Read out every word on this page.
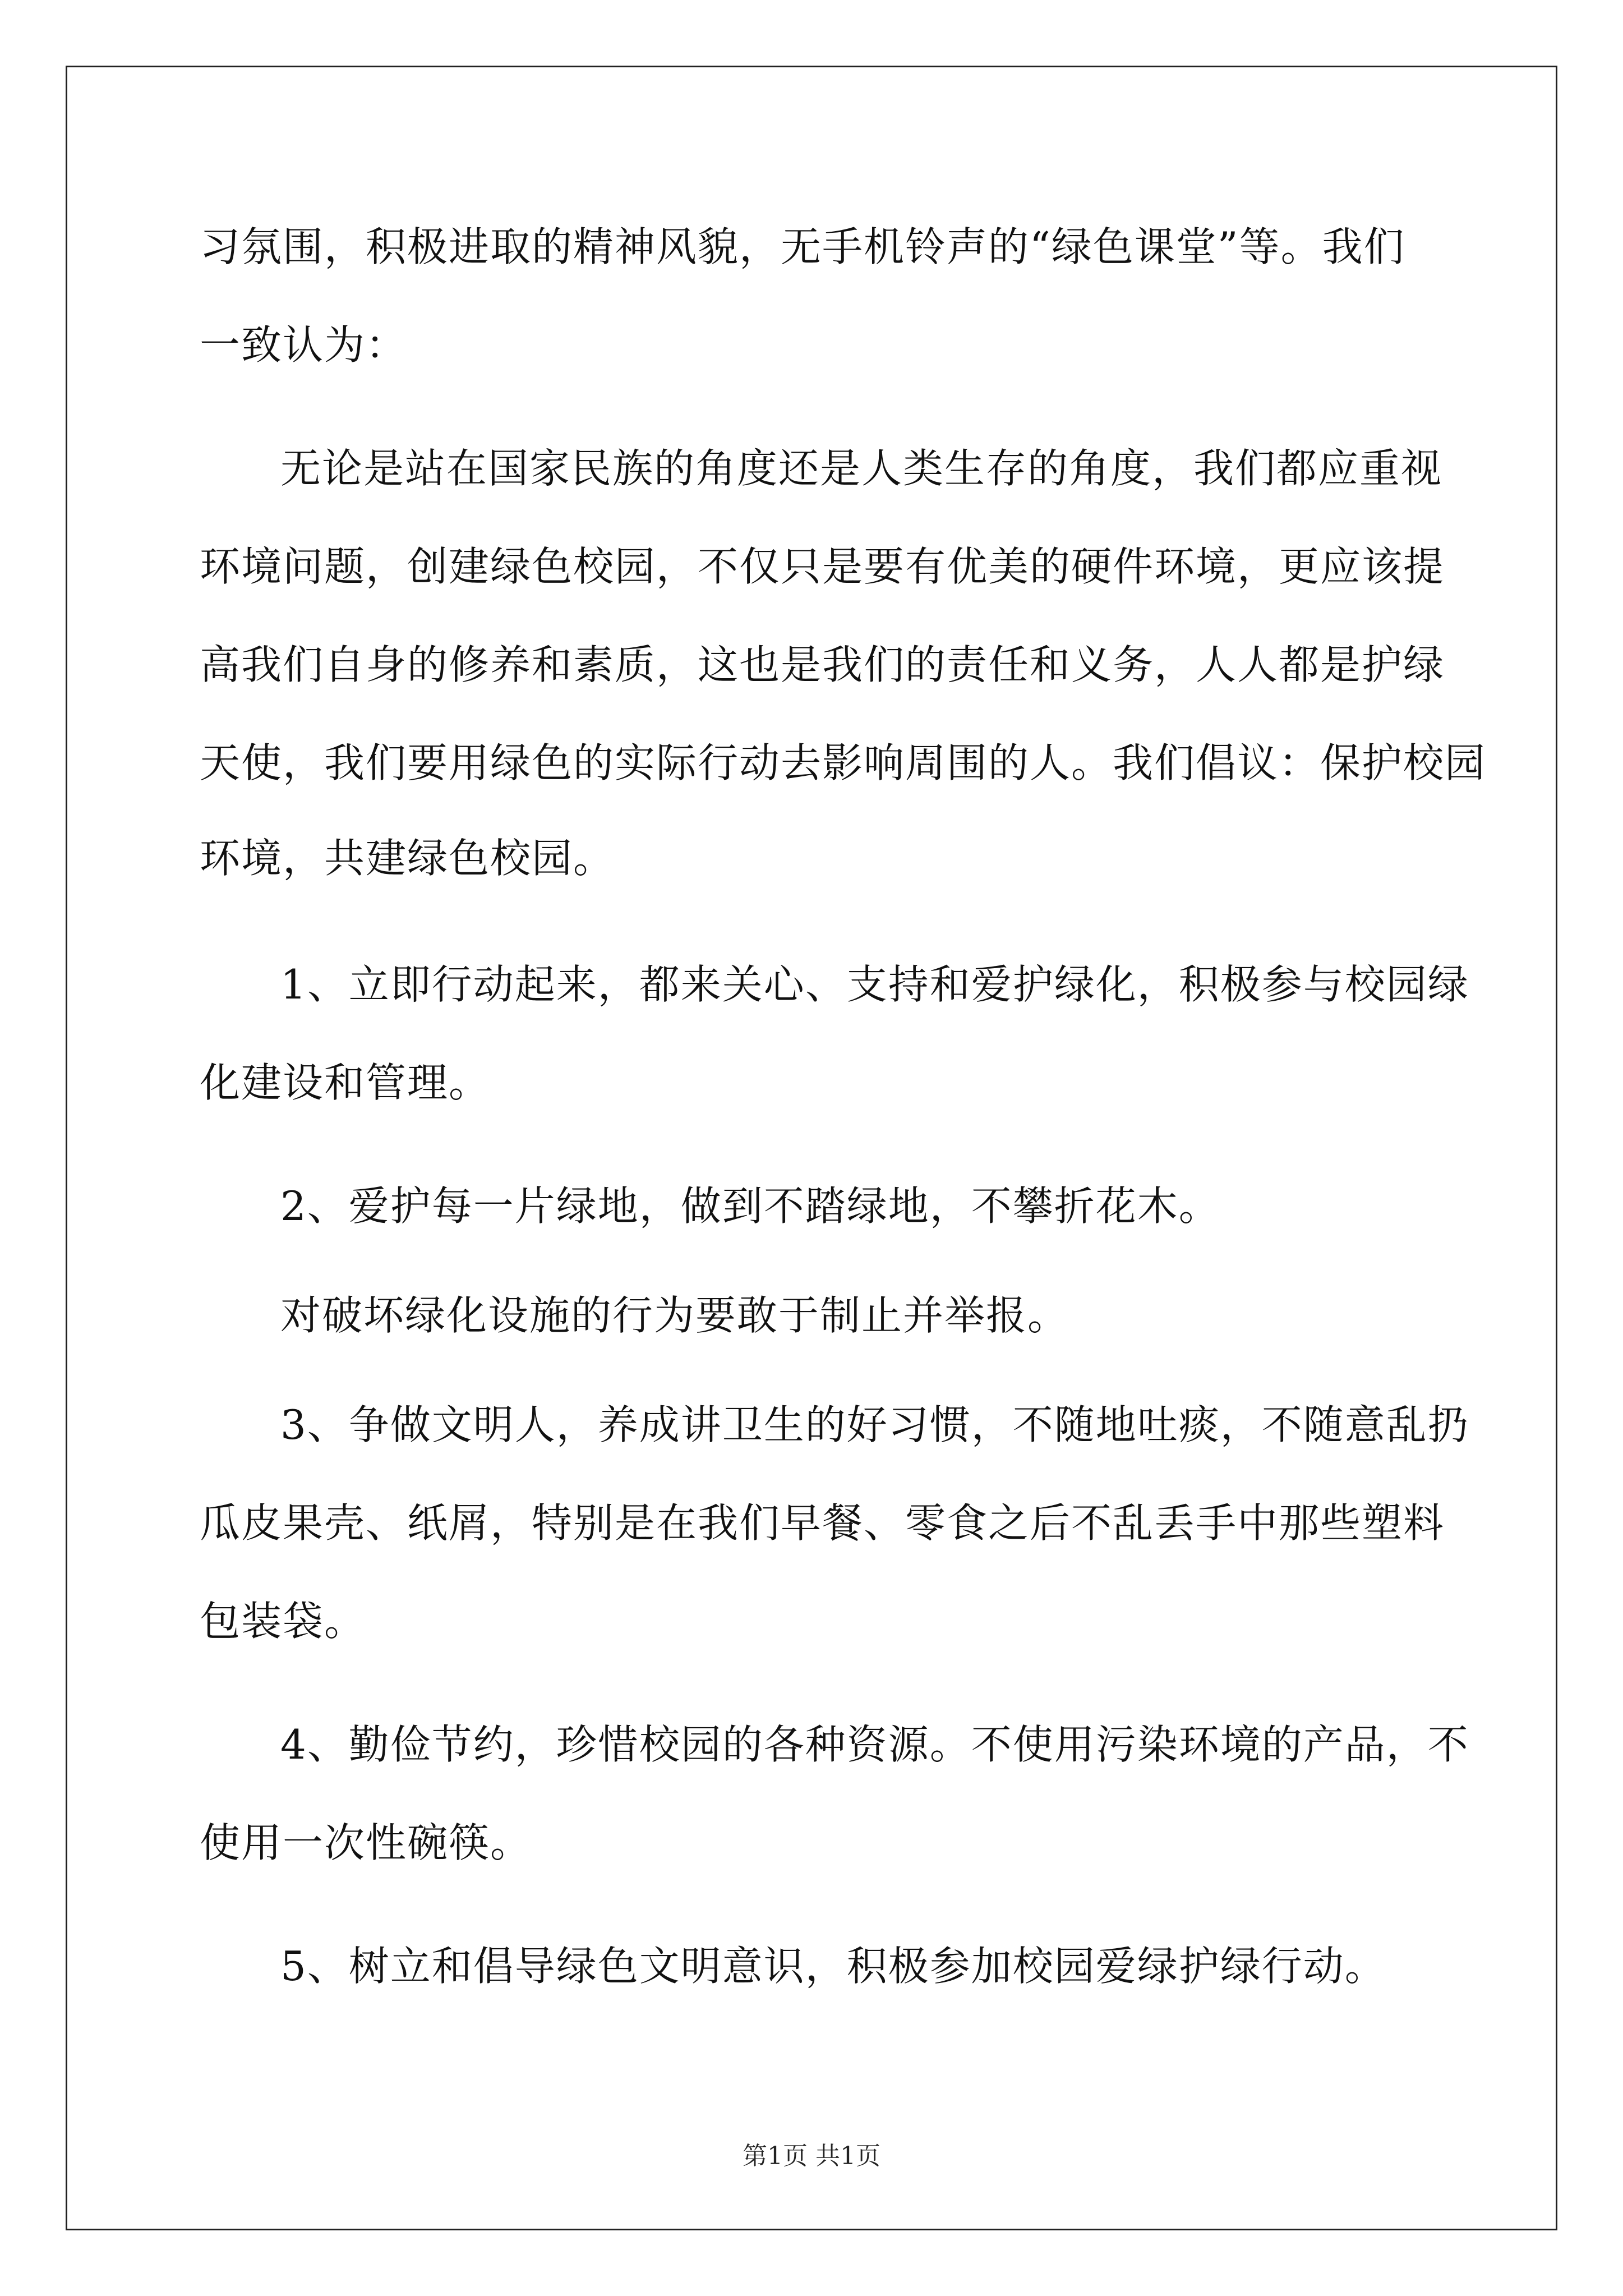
习氛围，积极进取的精神风貌，无手机铃声的“绿色课堂”等。我们

一致认为：

无论是站在国家民族的角度还是人类生存的角度，我们都应重视

环境问题，创建绿色校园，不仅只是要有优美的硬件环境，更应该提

高我们自身的修养和素质，这也是我们的责任和义务，人人都是护绿

天使，我们要用绿色的实际行动去影响周围的人。我们倡议：保护校园

环境，共建绿色校园。

1、立即行动起来，都来关心、支持和爱护绿化，积极参与校园绿

化建设和管理。

2、爱护每一片绿地，做到不踏绿地，不攀折花木。

对破坏绿化设施的行为要敢于制止并举报。

3、争做文明人，养成讲卫生的好习惯，不随地吐痰，不随意乱扔

瓜皮果壳、纸屑，特别是在我们早餐、零食之后不乱丢手中那些塑料

包装袋。

4、勤俭节约，珍惜校园的各种资源。不使用污染环境的产品，不

使用一次性碗筷。

5、树立和倡导绿色文明意识，积极参加校园爱绿护绿行动。

第1页 共1页
